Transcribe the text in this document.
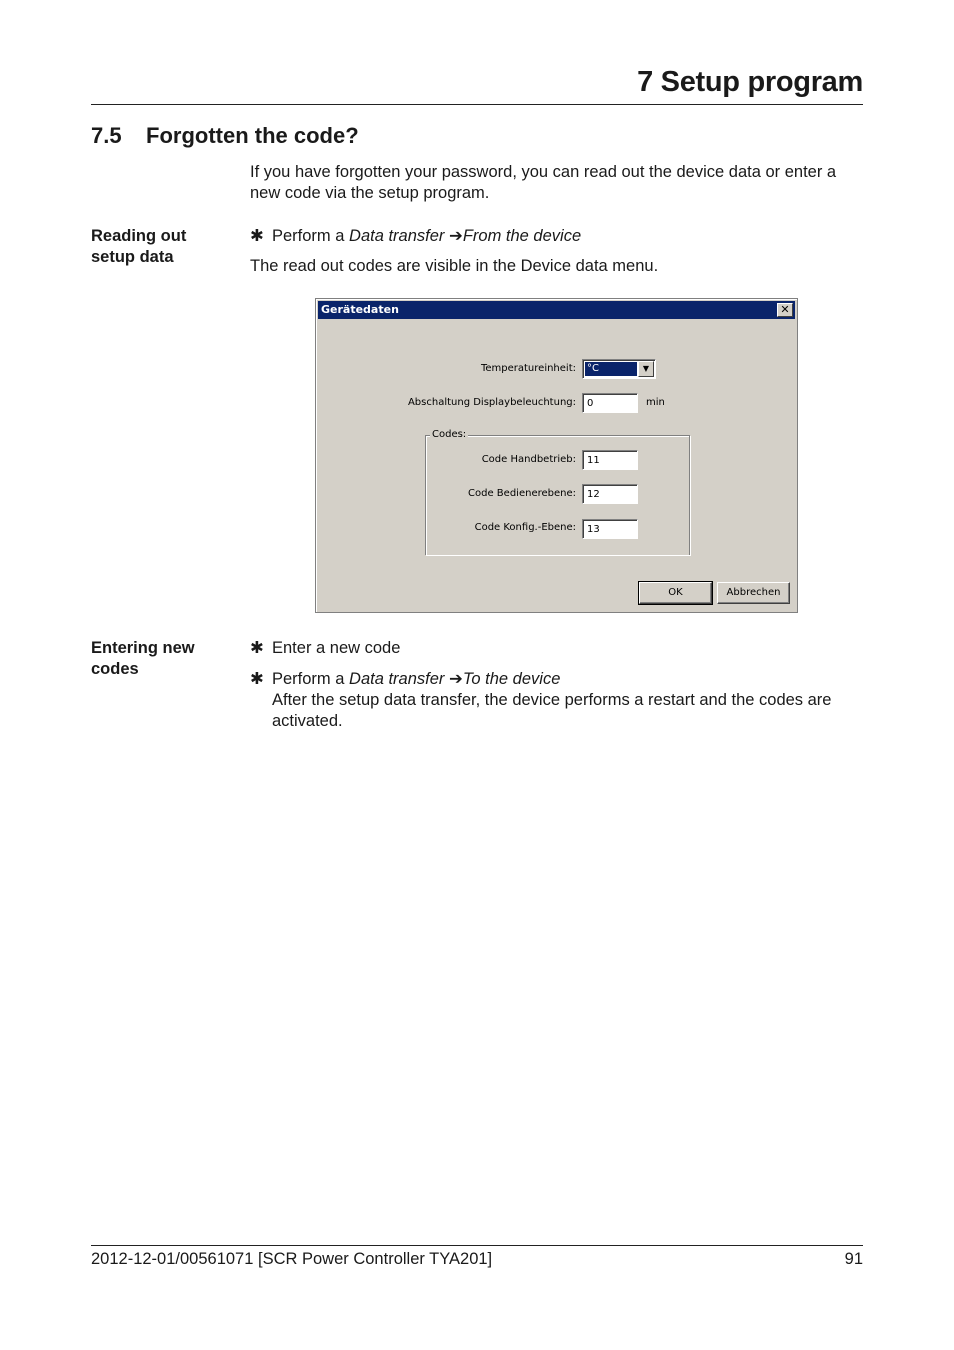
7 Setup program
7.5 Forgotten the code?

If you have forgotten your password, you can read out the device data or enter a new code via the setup program.

Reading out setup data
✱ Perform a Data transfer ➔From the device

The read out codes are visible in the Device data menu.

Gerätedaten	✕
Temperatureinheit: °C	▼
Abschaltung Displaybeleuchtung:	0	min
Codes:
Code Handbetrieb:	11
Code Bedienerebene:	12
Code Konfig.-Ebene:	13
OK	Abbrechen
Entering new codes
✱ Enter a new code
✱ Perform a Data transfer ➔To the device
After the setup data transfer, the device performs a restart and the codes are activated.
2012-12-01/00561071 [SCR Power Controller TYA201]	91
